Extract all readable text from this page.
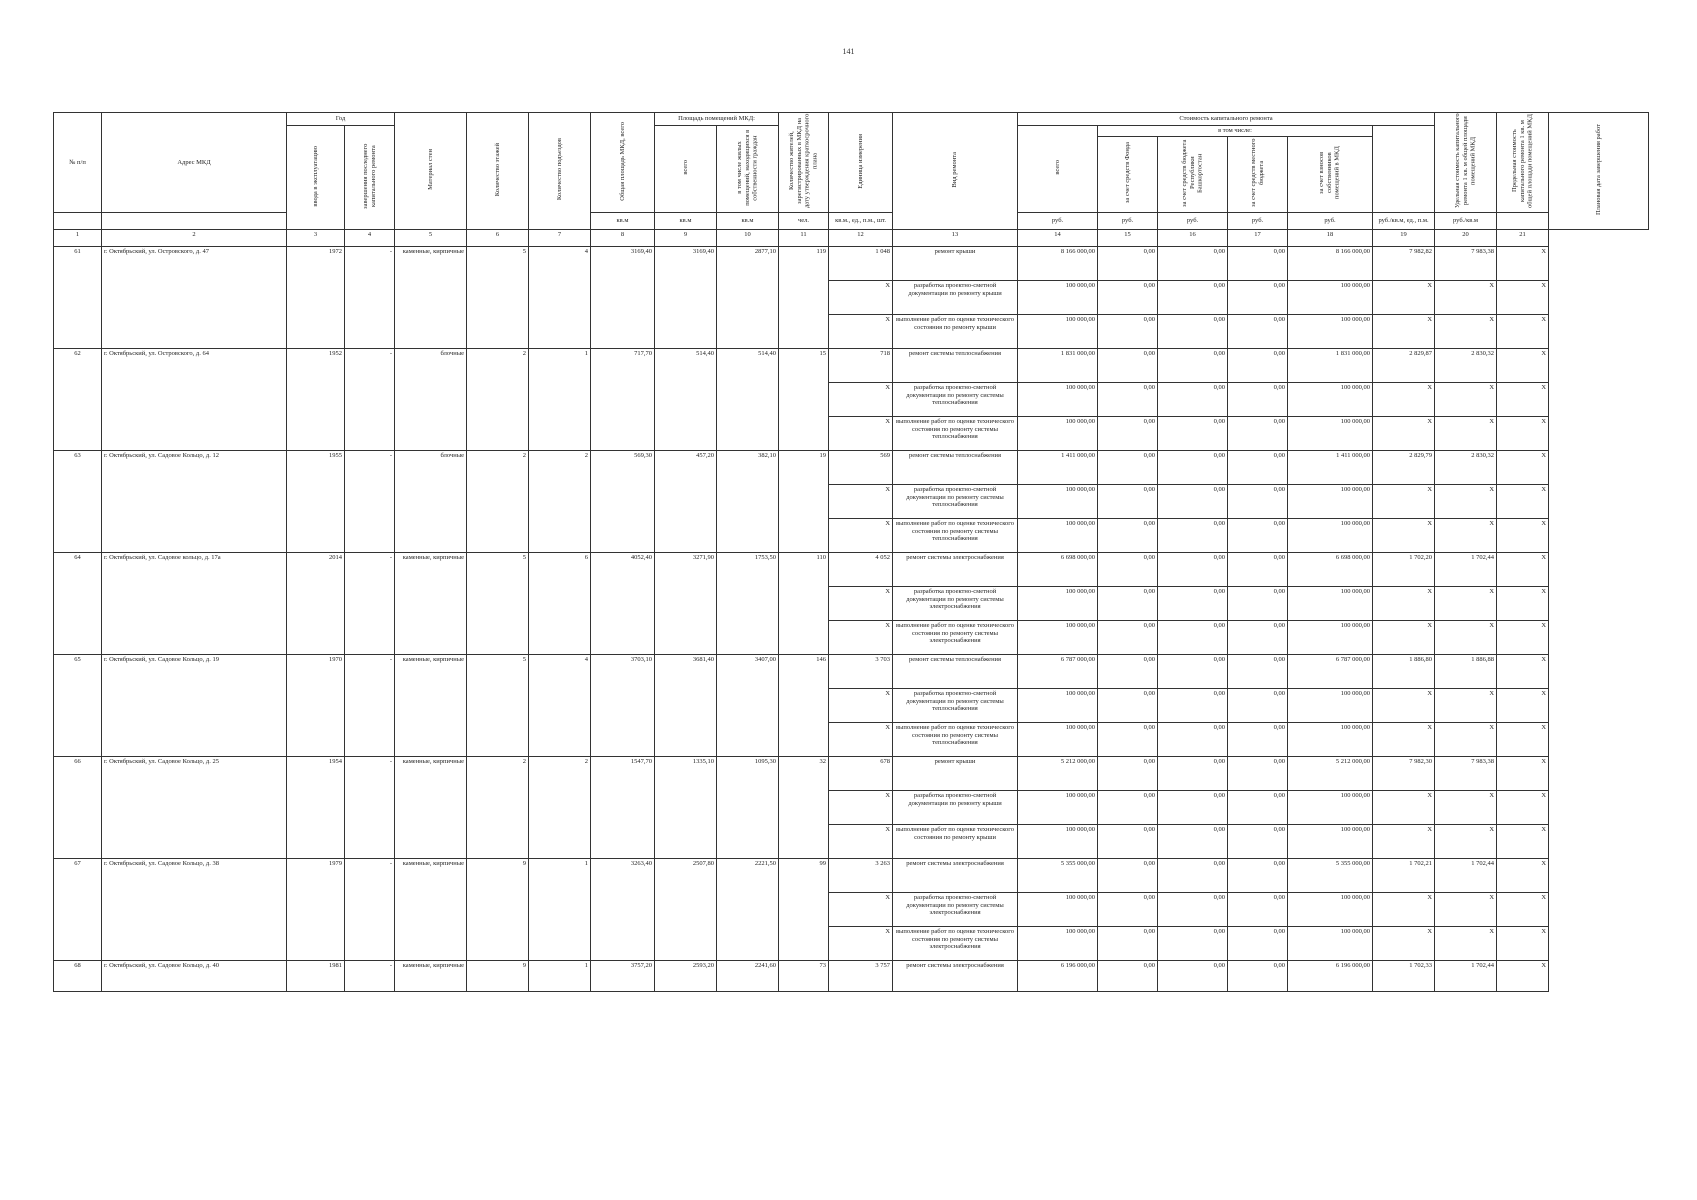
141
№ п/п	Адрес МКД	Год		Материал стен	Количество этажей	Количество подъездов	Общая площадь МКД, всего	Площадь помещений МКД:		Количество жителей, зарегистрированных в МКД на дату утверждения краткосрочного плана	Единица измерения	Вид ремонта	Стоимость капитального ремонта						Удельная стоимость капитального ремонта 1 кв. м общей площади помещений МКД	Предельная стоимость капитального ремонта 1 кв. м общей площади помещений МКД	Плановая дата завершения работ
		ввода в эксплуатацию	завершения последнего капитального ремонта					всего	в том числе жилых помещений, находящихся в собственности граждан				всего	в том числе:							
														за счет средств Фонда	за счет средств бюджета Республики Башкортостан	за счет средств местного бюджета	за счет взносов собственников помещений в МКД				
							кв.м	кв.м	кв.м	чел.	кв.м., ед., п.м., шт.		руб.	руб.	руб.	руб.	руб.	руб./кв.м, ед., п.м.	руб./кв.м		
1	2	3	4	5	6	7	8	9	10	11	12	13	14	15	16	17	18	19	20	21	
61	г. Октябрьский, ул. Островского, д. 47	1972	-	каменные, кирпичные	5	4	3169,40	3169,40	2877,10	119	1 048	ремонт крыши	8 166 000,00	0,00	0,00	0,00	8 166 000,00	7 982,82	7 983,38	X	
											X	разработка проектно-сметной документации по ремонту крыши	100 000,00	0,00	0,00	0,00	100 000,00	X	X	X	
											X	выполнение работ по оценке технического состояния по ремонту крыши	100 000,00	0,00	0,00	0,00	100 000,00	X	X	X	
62	г. Октябрьский, ул. Островского, д. 64	1952	-	блочные	2	1	717,70	514,40	514,40	15	718	ремонт системы теплоснабжения	1 831 000,00	0,00	0,00	0,00	1 831 000,00	2 829,87	2 830,32	X	
											X	разработка проектно-сметной документации по ремонту системы теплоснабжения	100 000,00	0,00	0,00	0,00	100 000,00	X	X	X	
											X	выполнение работ по оценке технического состояния по ремонту системы теплоснабжения	100 000,00	0,00	0,00	0,00	100 000,00	X	X	X	
63	г. Октябрьский, ул. Садовое Кольцо, д. 12	1955	-	блочные	2	2	569,30	457,20	382,10	19	569	ремонт системы теплоснабжения	1 411 000,00	0,00	0,00	0,00	1 411 000,00	2 829,79	2 830,32	X	
											X	разработка проектно-сметной документации по ремонту системы теплоснабжения	100 000,00	0,00	0,00	0,00	100 000,00	X	X	X	
											X	выполнение работ по оценке технического состояния по ремонту системы теплоснабжения	100 000,00	0,00	0,00	0,00	100 000,00	X	X	X	
64	г. Октябрьский, ул. Садовое кольцо, д. 17а	2014	-	каменные, кирпичные	5	6	4052,40	3271,90	1753,50	110	4 052	ремонт системы электроснабжения	6 698 000,00	0,00	0,00	0,00	6 698 000,00	1 702,20	1 702,44	X	
											X	разработка проектно-сметной документации по ремонту системы электроснабжения	100 000,00	0,00	0,00	0,00	100 000,00	X	X	X	
											X	выполнение работ по оценке технического состояния по ремонту системы электроснабжения	100 000,00	0,00	0,00	0,00	100 000,00	X	X	X	
65	г. Октябрьский, ул. Садовое Кольцо, д. 19	1970	-	каменные, кирпичные	5	4	3703,10	3681,40	3407,00	146	3 703	ремонт системы теплоснабжения	6 787 000,00	0,00	0,00	0,00	6 787 000,00	1 886,80	1 886,88	X	
											X	разработка проектно-сметной документации по ремонту системы теплоснабжения	100 000,00	0,00	0,00	0,00	100 000,00	X	X	X	
											X	выполнение работ по оценке технического состояния по ремонту системы теплоснабжения	100 000,00	0,00	0,00	0,00	100 000,00	X	X	X	
66	г. Октябрьский, ул. Садовое Кольцо, д. 25	1954	-	каменные, кирпичные	2	2	1547,70	1335,10	1095,30	32	678	ремонт крыши	5 212 000,00	0,00	0,00	0,00	5 212 000,00	7 982,30	7 983,38	X	
											X	разработка проектно-сметной документации по ремонту крыши	100 000,00	0,00	0,00	0,00	100 000,00	X	X	X	
											X	выполнение работ по оценке технического состояния по ремонту крыши	100 000,00	0,00	0,00	0,00	100 000,00	X	X	X	
67	г. Октябрьский, ул. Садовое Кольцо, д. 38	1979	-	каменные, кирпичные	9	1	3263,40	2507,80	2221,50	99	3 263	ремонт системы электроснабжения	5 355 000,00	0,00	0,00	0,00	5 355 000,00	1 702,21	1 702,44	X	
											X	разработка проектно-сметной документации по ремонту системы электроснабжения	100 000,00	0,00	0,00	0,00	100 000,00	X	X	X	
											X	выполнение работ по оценке технического состояния по ремонту системы электроснабжения	100 000,00	0,00	0,00	0,00	100 000,00	X	X	X	
68	г. Октябрьский, ул. Садовое Кольцо, д. 40	1981	-	каменные, кирпичные	9	1	3757,20	2593,20	2241,60	73	3 757	ремонт системы электроснабжения	6 196 000,00	0,00	0,00	0,00	6 196 000,00	1 702,33	1 702,44	X	
